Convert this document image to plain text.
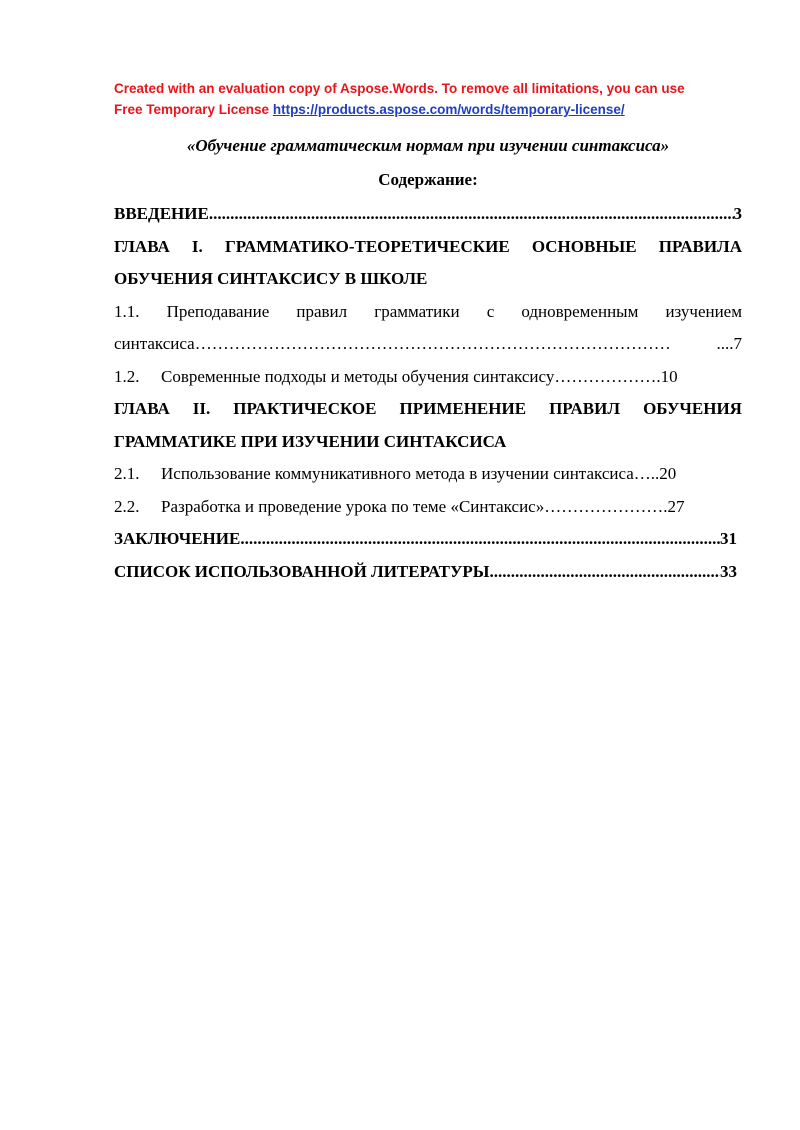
Created with an evaluation copy of Aspose.Words. To remove all limitations, you can use
Free Temporary License https://products.aspose.com/words/temporary-license/
«Обучение грамматическим нормам при изучении синтаксиса»
Содержание:
ВВЕДЕНИЕ .....	3
ГЛАВА I. ГРАММАТИКО-ТЕОРЕТИЧЕСКИЕ ОСНОВНЫЕ ПРАВИЛА
ОБУЧЕНИЯ СИНТАКСИСУ В ШКОЛЕ
1.1. Преподавание правил грамматики с одновременным изучением
синтаксиса …………………………………………………………………………	....7
1.2. Современные подходы и методы обучения синтаксису……………….10
ГЛАВА II. ПРАКТИЧЕСКОЕ ПРИМЕНЕНИЕ ПРАВИЛ ОБУЧЕНИЯ
ГРАММАТИКЕ ПРИ ИЗУЧЕНИИ СИНТАКСИСА
2.1. Использование коммуникативного метода в изучении синтаксиса…..20
2.2. Разработка и проведение урока по теме «Синтаксис»………………….27
ЗАКЛЮЧЕНИЕ .....	31
СПИСОК ИСПОЛЬЗОВАННОЙ ЛИТЕРАТУРЫ .....	33
